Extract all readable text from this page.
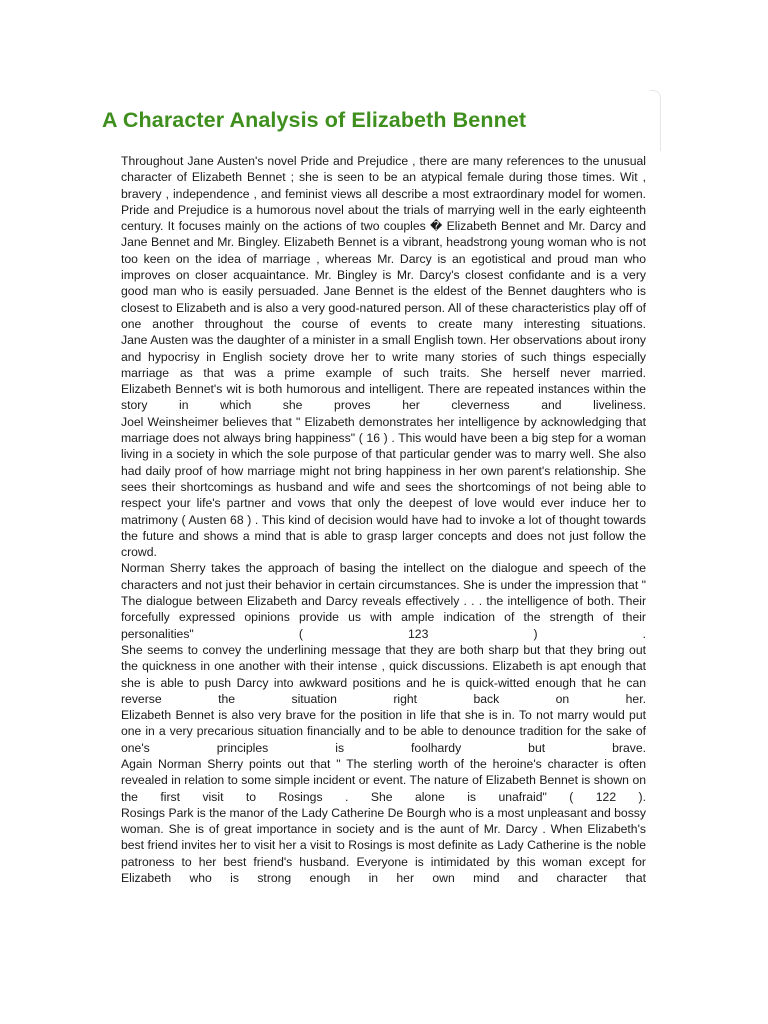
A Character Analysis of Elizabeth Bennet

Throughout Jane Austen's novel Pride and Prejudice , there are many references to the unusual character of Elizabeth Bennet ; she is seen to be an atypical female during those times. Wit , bravery , independence , and feminist views all describe a most extraordinary model for women.

Pride and Prejudice is a humorous novel about the trials of marrying well in the early eighteenth century. It focuses mainly on the actions of two couples � Elizabeth Bennet and Mr. Darcy and Jane Bennet and Mr. Bingley. Elizabeth Bennet is a vibrant, headstrong young woman who is not too keen on the idea of marriage , whereas Mr. Darcy is an egotistical and proud man who improves on closer acquaintance. Mr. Bingley is Mr. Darcy's closest confidante and is a very good man who is easily persuaded. Jane Bennet is the eldest of the Bennet daughters who is closest to Elizabeth and is also a very good-natured person. All of these characteristics play off of one another throughout the course of events to create many interesting situations.

Jane Austen was the daughter of a minister in a small English town. Her observations about irony and hypocrisy in English society drove her to write many stories of such things especially marriage as that was a prime example of such traits. She herself never married.

Elizabeth Bennet's wit is both humorous and intelligent. There are repeated instances within the story in which she proves her cleverness and liveliness.

Joel Weinsheimer believes that " Elizabeth demonstrates her intelligence by acknowledging that marriage does not always bring happiness" ( 16 ) . This would have been a big step for a woman living in a society in which the sole purpose of that particular gender was to marry well. She also had daily proof of how marriage might not bring happiness in her own parent's relationship. She sees their shortcomings as husband and wife and sees the shortcomings of not being able to respect your life's partner and vows that only the deepest of love would ever induce her to matrimony ( Austen 68 ) . This kind of decision would have had to invoke a lot of thought towards the future and shows a mind that is able to grasp larger concepts and does not just follow the crowd.

Norman Sherry takes the approach of basing the intellect on the dialogue and speech of the characters and not just their behavior in certain circumstances. She is under the impression that " The dialogue between Elizabeth and Darcy reveals effectively . . . the intelligence of both. Their forcefully expressed opinions provide us with ample indication of the strength of their personalities" ( 123 ) .

She seems to convey the underlining message that they are both sharp but that they bring out the quickness in one another with their intense , quick discussions. Elizabeth is apt enough that she is able to push Darcy into awkward positions and he is quick-witted enough that he can reverse the situation right back on her.

Elizabeth Bennet is also very brave for the position in life that she is in. To not marry would put one in a very precarious situation financially and to be able to denounce tradition for the sake of one's principles is foolhardy but brave.

Again Norman Sherry points out that " The sterling worth of the heroine's character is often revealed in relation to some simple incident or event. The nature of Elizabeth Bennet is shown on the first visit to Rosings . She alone is unafraid" ( 122 ).

Rosings Park is the manor of the Lady Catherine De Bourgh who is a most unpleasant and bossy woman. She is of great importance in society and is the aunt of Mr. Darcy . When Elizabeth's best friend invites her to visit her a visit to Rosings is most definite as Lady Catherine is the noble patroness to her best friend's husband. Everyone is intimidated by this woman except for Elizabeth who is strong enough in her own mind and character that
